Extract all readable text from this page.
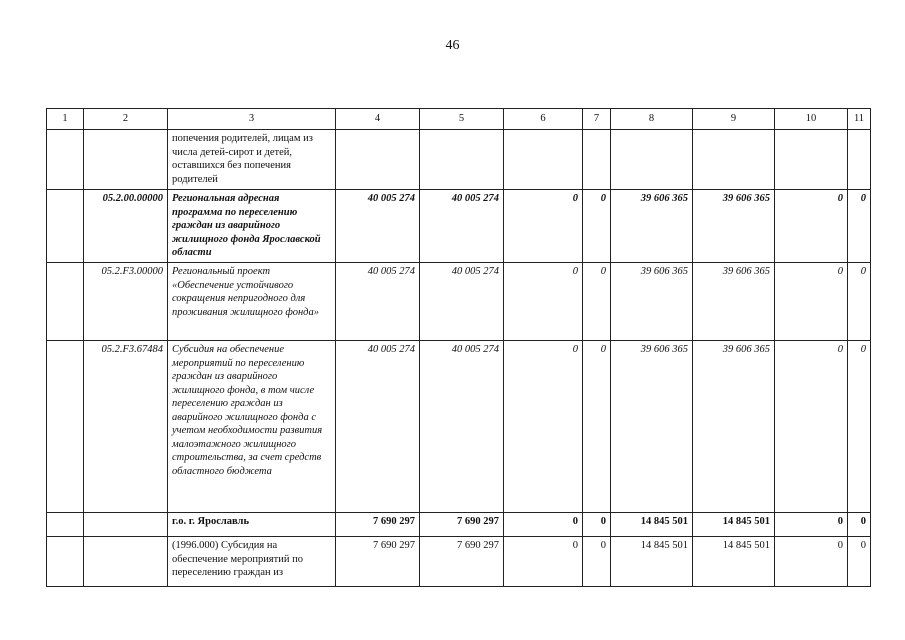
46
1	2	3	4	5	6	7	8	9	10	11
		попечения родителей, лицам из числа детей-сирот и детей, оставшихся без попечения родителей								
	05.2.00.00000	Региональная адресная программа по переселению граждан из аварийного жилищного фонда Ярославской области	40 005 274	40 005 274	0	0	39 606 365	39 606 365	0	0
	05.2.F3.00000	Региональный проект «Обеспечение устойчивого сокращения непригодного для проживания жилищного фонда»	40 005 274	40 005 274	0	0	39 606 365	39 606 365	0	0
	05.2.F3.67484	Субсидия на обеспечение мероприятий по переселению граждан из аварийного жилищного фонда, в том числе переселению граждан из аварийного жилищного фонда с учетом необходимости развития малоэтажного жилищного строительства, за счет средств областного бюджета	40 005 274	40 005 274	0	0	39 606 365	39 606 365	0	0
		г.о. г. Ярославль	7 690 297	7 690 297	0	0	14 845 501	14 845 501	0	0
		(1996.000) Субсидия на обеспечение мероприятий по переселению граждан из	7 690 297	7 690 297	0	0	14 845 501	14 845 501	0	0
